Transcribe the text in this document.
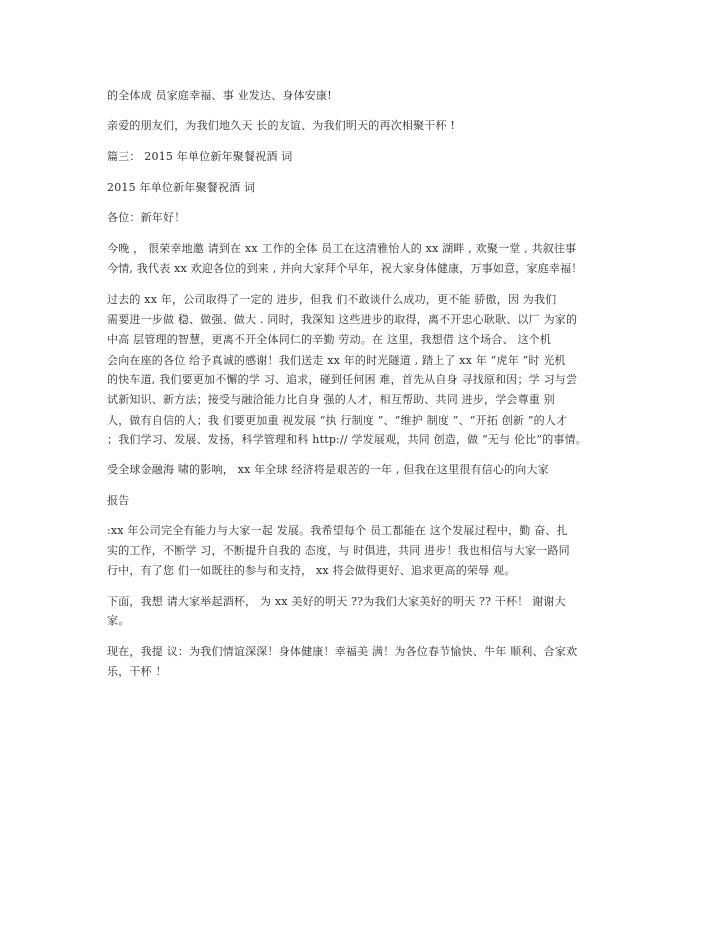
的全体成 员家庭幸福、事 业发达、身体安康!
亲爱的朋友们，为我们地久天 长的友谊、为我们明天的再次相聚干杯 !
篇三： 2015 年单位新年聚餐祝酒 词
2015 年单位新年聚餐祝酒 词
各位：新年好！
今晚 ， 很荣幸地邀 请到在 xx 工作的全体 员工在这清雅怡人的 xx 湖畔 , 欢聚一堂 , 共叙往事
今情, 我代表 xx 欢迎各位的到来 , 并向大家拜个早年，祝大家身体健康，万事如意，家庭幸福！
过去的 xx 年，公司取得了一定的 进步，但我 们不敢谈什么成功，更不能 骄傲，因 为我们
需要进一步做 稳、做强、做大 . 同时，我深知 这些进步的取得，离不开忠心耿耿、以厂 为家的
中高 层管理的智慧，更离不开全体同仁的辛勤 劳动。在 这里，我想借 这个场合、 这个机
会向在座的各位 给予真诚的感谢！我们送走 xx 年的时光隧道 , 踏上了 xx 年 “虎年 ”时 光机
的快车道, 我们要更加不懈的学 习、追求，碰到任何困 难，首先从自身 寻找原和因；学 习与尝
试新知识、新方法；接受与融洽能力比自身 强的人才，相互帮助、共同 进步，学会尊重 别
人，做有自信的人；我 们要更加重 视发展 “执 行制度 ”、“维护 制度 ”、“开拓 创新 ”的人才
；我们学习、发展、发扬，科学管理和科 http:// 学发展观，共同 创造，做 “无与 伦比”的事情。
受全球金融海 啸的影响， xx 年全球 经济将是艰苦的一年 , 但我在这里很有信心的向大家
报告
:xx 年公司完全有能力与大家一起 发展。我希望每个 员工都能在 这个发展过程中，勤 奋、扎
实的工作，不断学 习，不断提升自我的 态度，与 时俱进，共同 进步！我也相信与大家一路同
行中，有了您 们一如既往的参与和支持， xx 将会做得更好、追求更高的荣辱 观。
下面，我想 请大家举起酒杯， 为 xx 美好的明天 ??为我们大家美好的明天 ?? 干杯！ 谢谢大
家。
现在，我提 议：为我们情谊深深！身体健康！幸福美 满！为各位春节愉快、牛年 顺利、合家欢
乐，干杯 ！
